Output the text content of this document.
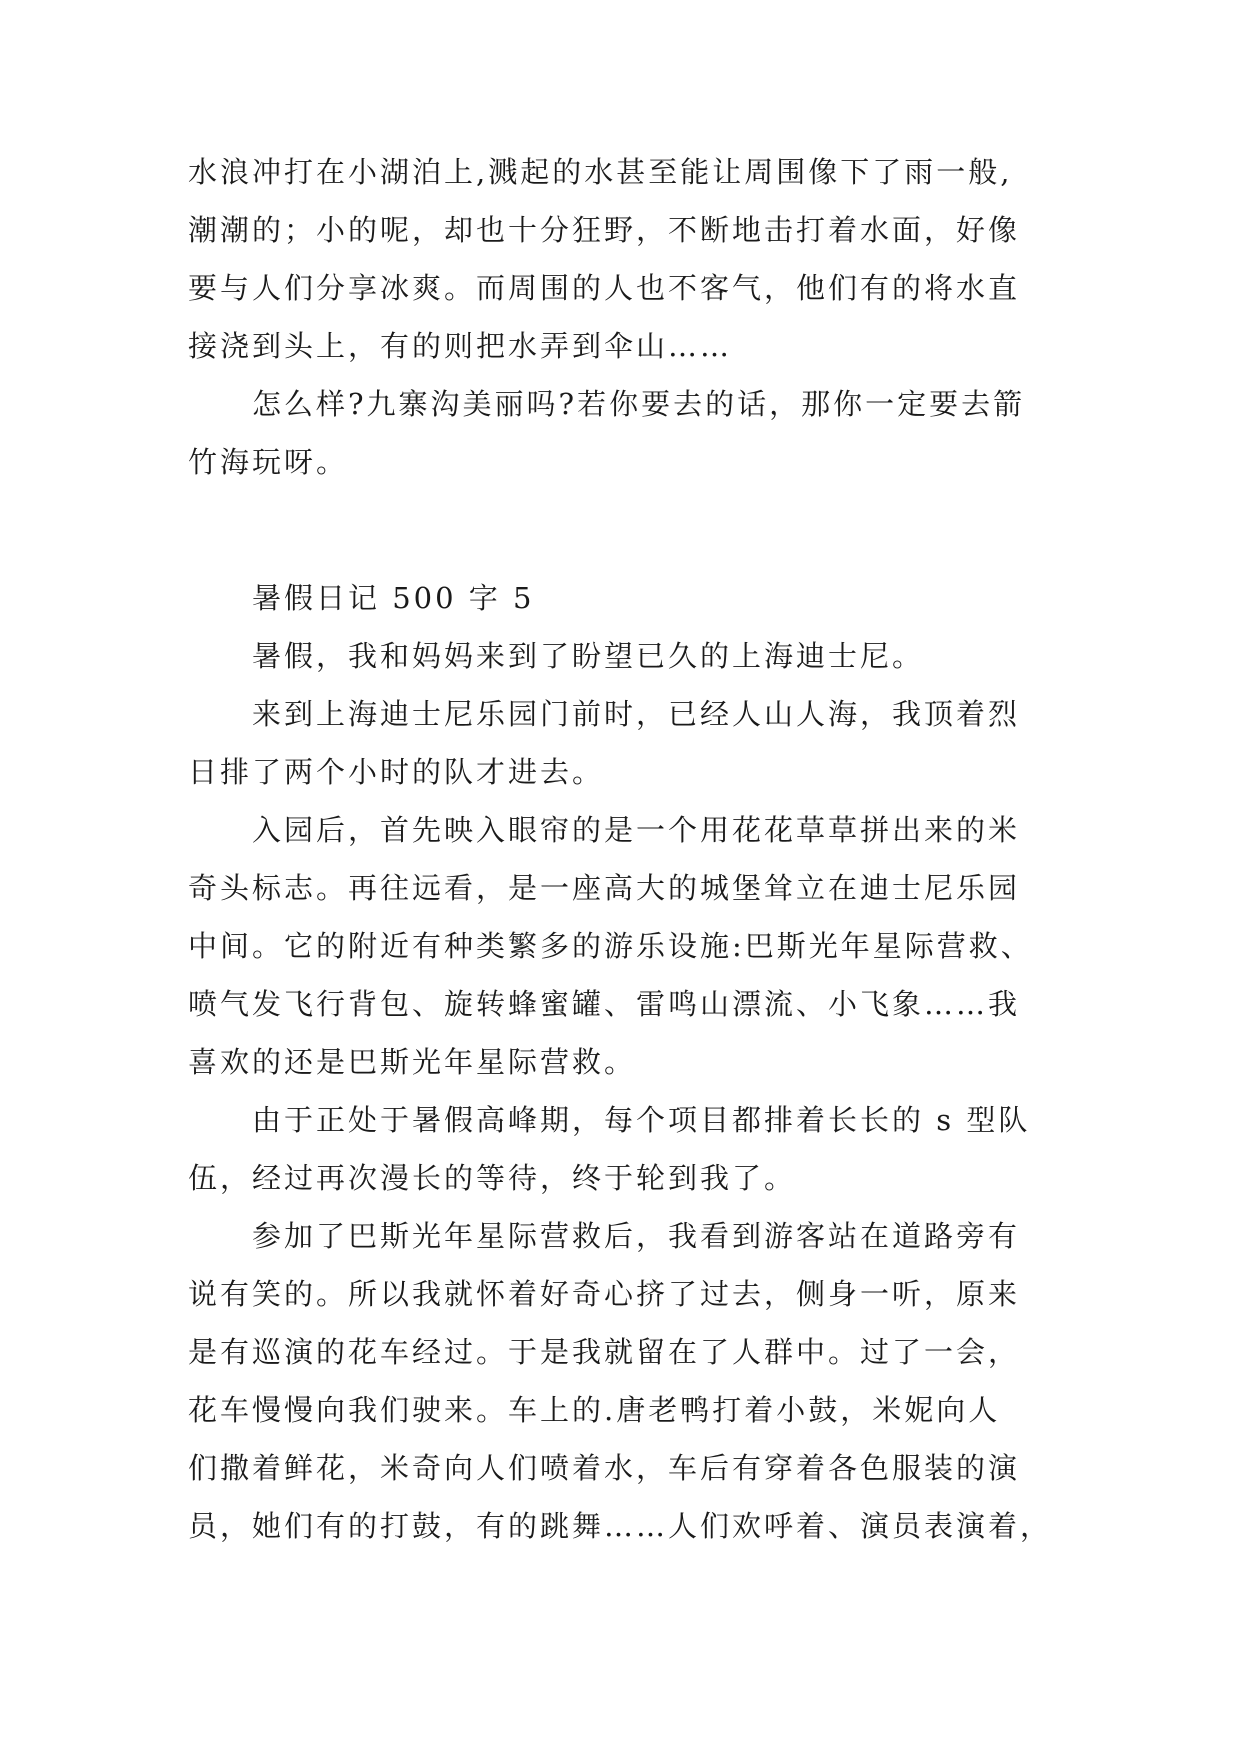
水浪冲打在小湖泊上,溅起的水甚至能让周围像下了雨一般,
潮潮的；小的呢，却也十分狂野，不断地击打着水面，好像
要与人们分享冰爽。而周围的人也不客气，他们有的将水直
接浇到头上，有的则把水弄到伞山……
怎么样?九寨沟美丽吗?若你要去的话，那你一定要去箭
竹海玩呀。
暑假日记 500 字 5
暑假，我和妈妈来到了盼望已久的上海迪士尼。
来到上海迪士尼乐园门前时，已经人山人海，我顶着烈
日排了两个小时的队才进去。
入园后，首先映入眼帘的是一个用花花草草拼出来的米
奇头标志。再往远看，是一座高大的城堡耸立在迪士尼乐园
中间。它的附近有种类繁多的游乐设施:巴斯光年星际营救、
喷气发飞行背包、旋转蜂蜜罐、雷鸣山漂流、小飞象……我
喜欢的还是巴斯光年星际营救。
由于正处于暑假高峰期，每个项目都排着长长的 s 型队
伍，经过再次漫长的等待，终于轮到我了。
参加了巴斯光年星际营救后，我看到游客站在道路旁有
说有笑的。所以我就怀着好奇心挤了过去，侧身一听，原来
是有巡演的花车经过。于是我就留在了人群中。过了一会，
花车慢慢向我们驶来。车上的.唐老鸭打着小鼓，米妮向人
们撒着鲜花，米奇向人们喷着水，车后有穿着各色服装的演
员，她们有的打鼓，有的跳舞……人们欢呼着、演员表演着，
